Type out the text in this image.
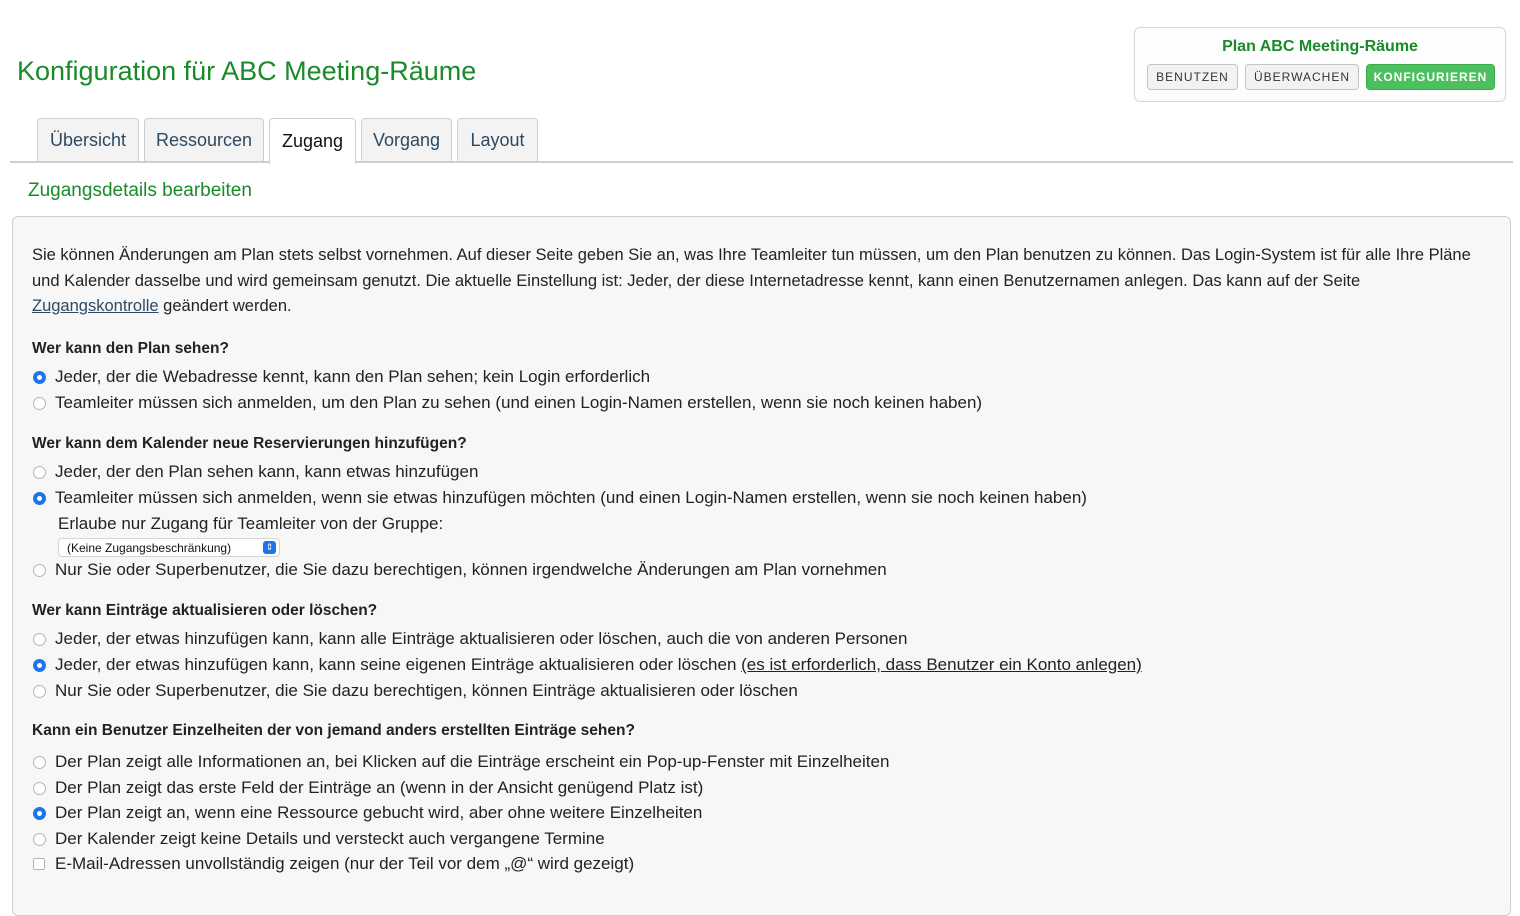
Konfiguration für ABC Meeting-Räume
Plan ABC Meeting-Räume
BENUTZEN	ÜBERWACHEN	KONFIGURIEREN
Übersicht	Ressourcen	Zugang	Vorgang	Layout
Zugangsdetails bearbeiten
Sie können Änderungen am Plan stets selbst vornehmen. Auf dieser Seite geben Sie an, was Ihre Teamleiter tun müssen, um den Plan benutzen zu können. Das Login-System ist für alle Ihre Pläne und Kalender dasselbe und wird gemeinsam genutzt. Die aktuelle Einstellung ist: Jeder, der diese Internetadresse kennt, kann einen Benutzernamen anlegen. Das kann auf der Seite Zugangskontrolle geändert werden.
Wer kann den Plan sehen?
Jeder, der die Webadresse kennt, kann den Plan sehen; kein Login erforderlich
Teamleiter müssen sich anmelden, um den Plan zu sehen (und einen Login-Namen erstellen, wenn sie noch keinen haben)
Wer kann dem Kalender neue Reservierungen hinzufügen?
Jeder, der den Plan sehen kann, kann etwas hinzufügen
Teamleiter müssen sich anmelden, wenn sie etwas hinzufügen möchten (und einen Login-Namen erstellen, wenn sie noch keinen haben)
Erlaube nur Zugang für Teamleiter von der Gruppe:
(Keine Zugangsbeschränkung)	⇕
Nur Sie oder Superbenutzer, die Sie dazu berechtigen, können irgendwelche Änderungen am Plan vornehmen
Wer kann Einträge aktualisieren oder löschen?
Jeder, der etwas hinzufügen kann, kann alle Einträge aktualisieren oder löschen, auch die von anderen Personen
Jeder, der etwas hinzufügen kann, kann seine eigenen Einträge aktualisieren oder löschen (es ist erforderlich, dass Benutzer ein Konto anlegen)
Nur Sie oder Superbenutzer, die Sie dazu berechtigen, können Einträge aktualisieren oder löschen
Kann ein Benutzer Einzelheiten der von jemand anders erstellten Einträge sehen?
Der Plan zeigt alle Informationen an, bei Klicken auf die Einträge erscheint ein Pop-up-Fenster mit Einzelheiten
Der Plan zeigt das erste Feld der Einträge an (wenn in der Ansicht genügend Platz ist)
Der Plan zeigt an, wenn eine Ressource gebucht wird, aber ohne weitere Einzelheiten
Der Kalender zeigt keine Details und versteckt auch vergangene Termine
E-Mail-Adressen unvollständig zeigen (nur der Teil vor dem „@“ wird gezeigt)
